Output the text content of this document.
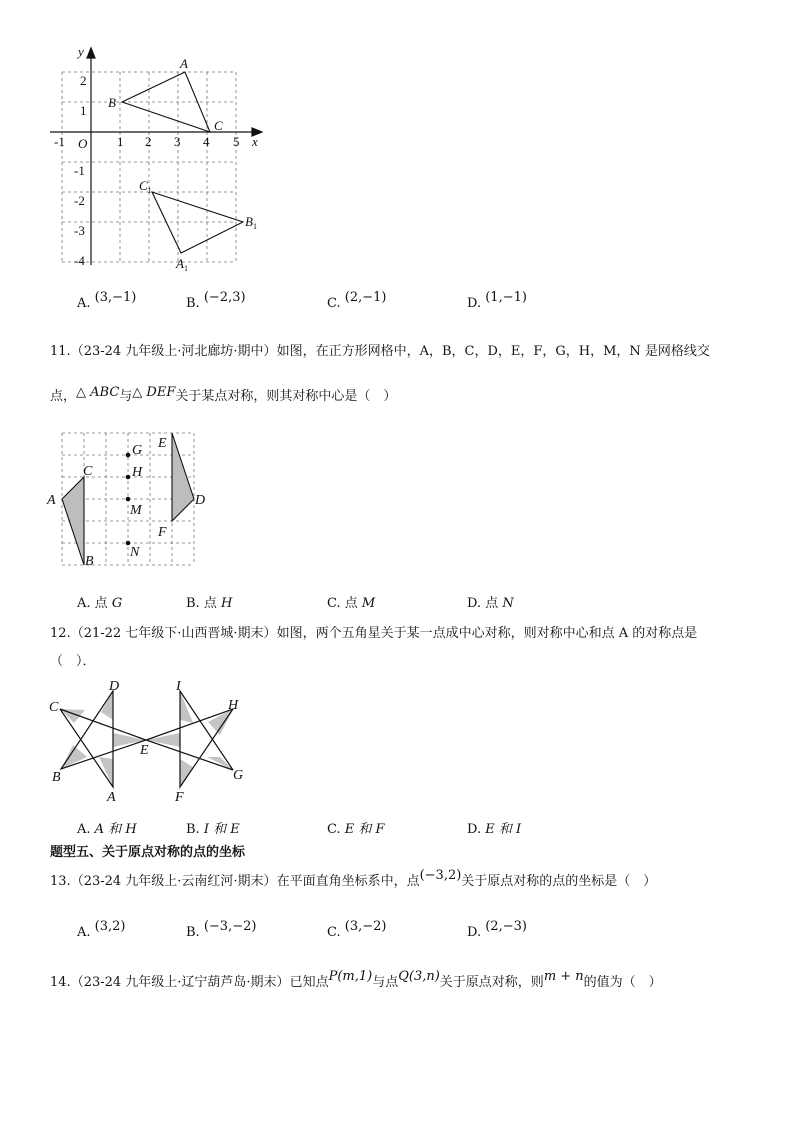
x
y
-1 O 1 2 3 4 5
2
1
-1
-2
-3
-4
A
B
C
$C_1$
$B_1$
$A_1$
A. (3,−1)	B. (−2,3)	C. (2,−1)	D. (1,−1)
11.（23-24 九年级上·河北廊坊·期中）如图，在正方形网格中，A，B，C，D，E，F，G，H，M，N 是网格线交
点，△ ABC与△ DEF关于某点对称，则其对称中心是（　）
A
B
C
D
E
F
G
H
M
N
A. 点 G	B. 点 H	C. 点 M	D. 点 N
12.（21-22 七年级下·山西晋城·期末）如图，两个五角星关于某一点成中心对称，则对称中心和点 A 的对称点是
（　）．
A
B
C
D
E
F
G
H
I
A. A 和 H	B. I 和 E	C. E 和 F	D. E 和 I
题型五、关于原点对称的点的坐标
13.（23-24 九年级上·云南红河·期末）在平面直角坐标系中，点(−3,2)关于原点对称的点的坐标是（　）
A. (3,2)	B. (−3,−2)	C. (3,−2)	D. (2,−3)
14.（23-24 九年级上·辽宁葫芦岛·期末）已知点P(m,1)与点Q(3,n)关于原点对称，则m + n的值为（　）
